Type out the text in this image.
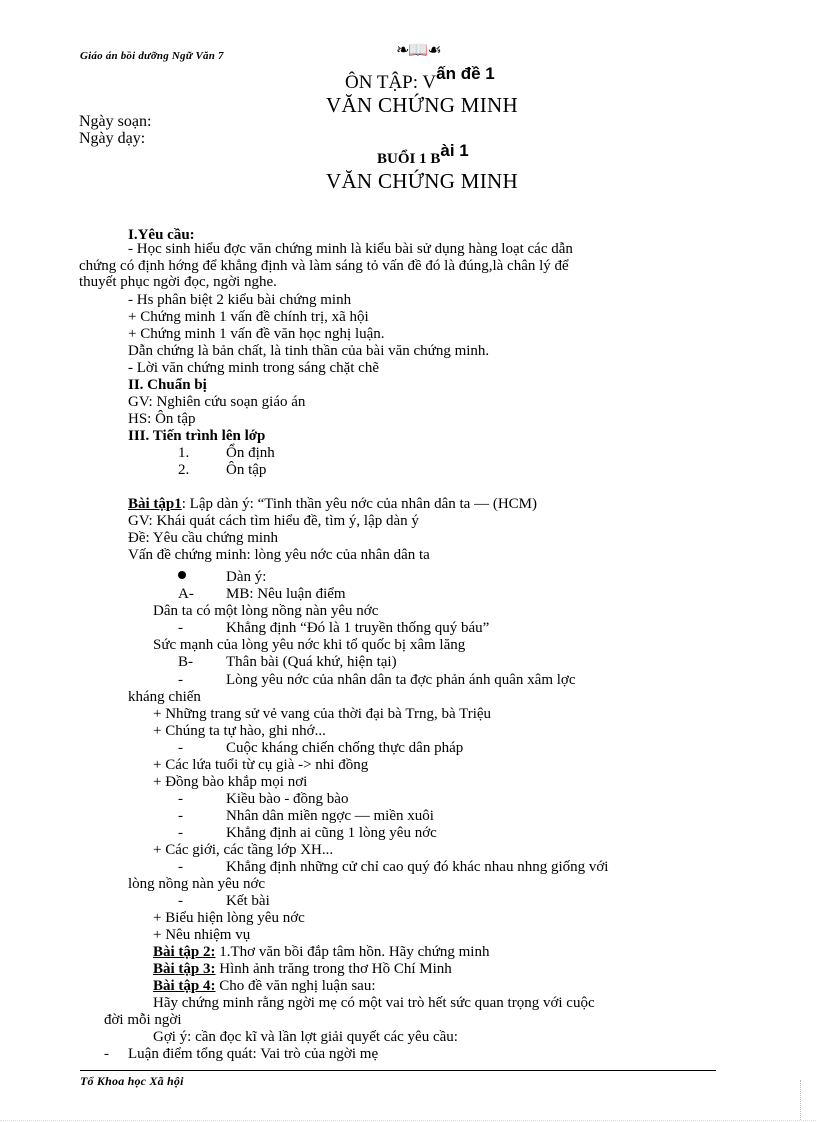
Giáo án bồi dưỡng Ngữ Văn 7	❧📖☙
ÔN TẬP: Vấn đề 1
VĂN CHỨNG MINH
Ngày soạn:
Ngày dạy:
BUỔI 1 Bài 1
VĂN CHỨNG MINH
I.Yêu cầu:
- Học sinh hiểu đợc văn chứng minh là kiểu bài sử dụng hàng loạt các dẫn
chứng có định hớng để khẳng định và làm sáng tỏ vấn đề đó là đúng,là chân lý để
thuyết phục ngời đọc, ngời nghe.
- Hs phân biệt 2 kiểu bài chứng minh
+ Chứng minh 1 vấn đề chính trị, xã hội
+ Chứng minh 1 vấn đề văn học nghị luận.
Dẫn chứng là bản chất, là tinh thần của bài văn chứng minh.
- Lời văn chứng minh trong sáng chặt chẽ
II. Chuẩn bị
GV: Nghiên cứu soạn giáo án
HS: Ôn tập
III. Tiến trình lên lớp
1. Ổn định
2. Ôn tập
Bài tập1: Lập dàn ý: “Tinh thần yêu nớc của nhân dân ta — (HCM)
GV: Khái quát cách tìm hiểu đề, tìm ý, lập dàn ý
Đề: Yêu cầu chứng minh
Vấn đề chứng minh: lòng yêu nớc của nhân dân ta
Dàn ý:
A- MB: Nêu luận điểm
Dân ta có một lòng nồng nàn yêu nớc
-	Khẳng định “Đó là 1 truyền thống quý báu”
Sức mạnh của lòng yêu nớc khi tổ quốc bị xâm lăng
B- Thân bài (Quá khứ, hiện tại)
-	Lòng yêu nớc của nhân dân ta đợc phản ánh quân xâm lợc
kháng chiến
+ Những trang sử vẻ vang của thời đại bà Trng, bà Triệu
+ Chúng ta tự hào, ghi nhớ...
-	Cuộc kháng chiến chống thực dân pháp
+ Các lứa tuổi từ cụ già -> nhi đồng
+ Đồng bào khắp mọi nơi
-	Kiều bào - đồng bào
-	Nhân dân miền ngợc — miền xuôi
-	Khẳng định ai cũng 1 lòng yêu nớc
+ Các giới, các tầng lớp XH...
-	Khẳng định những cử chỉ cao quý đó khác nhau nhng giống với
lòng nồng nàn yêu nớc
-	Kết bài
+ Biểu hiện lòng yêu nớc
+ Nêu nhiệm vụ
Bài tập 2: 1.Thơ văn bồi đắp tâm hồn. Hãy chứng minh
Bài tập 3: Hình ảnh trăng trong thơ Hồ Chí Minh
Bài tập 4: Cho đề văn nghị luận sau:
Hãy chứng minh rằng ngời mẹ có một vai trò hết sức quan trọng với cuộc
đời mỗi ngời
Gợi ý: cần đọc kĩ và lần lợt giải quyết các yêu cầu:
- Luận điểm tổng quát: Vai trò của ngời mẹ
Tổ Khoa học Xã hội
